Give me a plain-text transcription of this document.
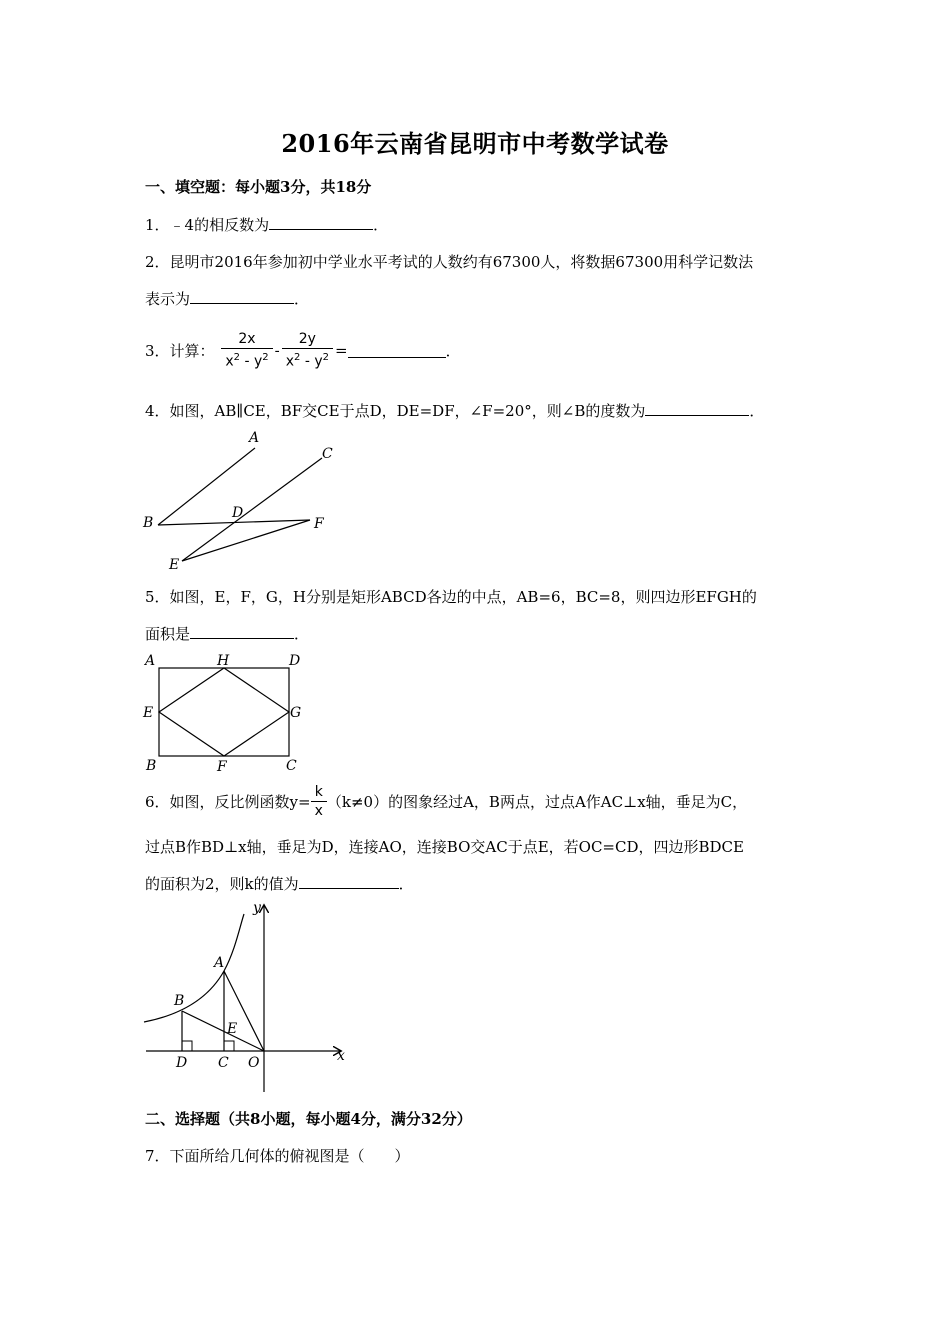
2016年云南省昆明市中考数学试卷
一、填空题：每小题3分，共18分
1．﹣4的相反数为	．
2．昆明市2016年参加初中学业水平考试的人数约有67300人，将数据67300用科学记数法
表示为	．
3．计算： $\frac{2x}{x^2 - y^2} - \frac{2y}{x^2 - y^2}$ =	．
4．如图，AB∥CE，BF交CE于点D，DE=DF，∠F=20°，则∠B的度数为	．
A
C
B
D
F
E
5．如图，E，F，G，H分别是矩形ABCD各边的中点，AB=6，BC=8，则四边形EFGH的
面积是	．
A	H	D
E	G
B	F	C
6．如图，反比例函数$y= \frac{k}{x} (k\ne 0)$的图象经过A，B两点，过点A作AC⊥x轴，垂足为C，
过点B作BD⊥x轴，垂足为D，连接AO，连接BO交AC于点E，若OC=CD，四边形BDCE
的面积为2，则k的值为	．
y
x
A
B
E
D C O
二、选择题（共8小题，每小题4分，满分32分）
7．下面所给几何体的俯视图是（　　）
